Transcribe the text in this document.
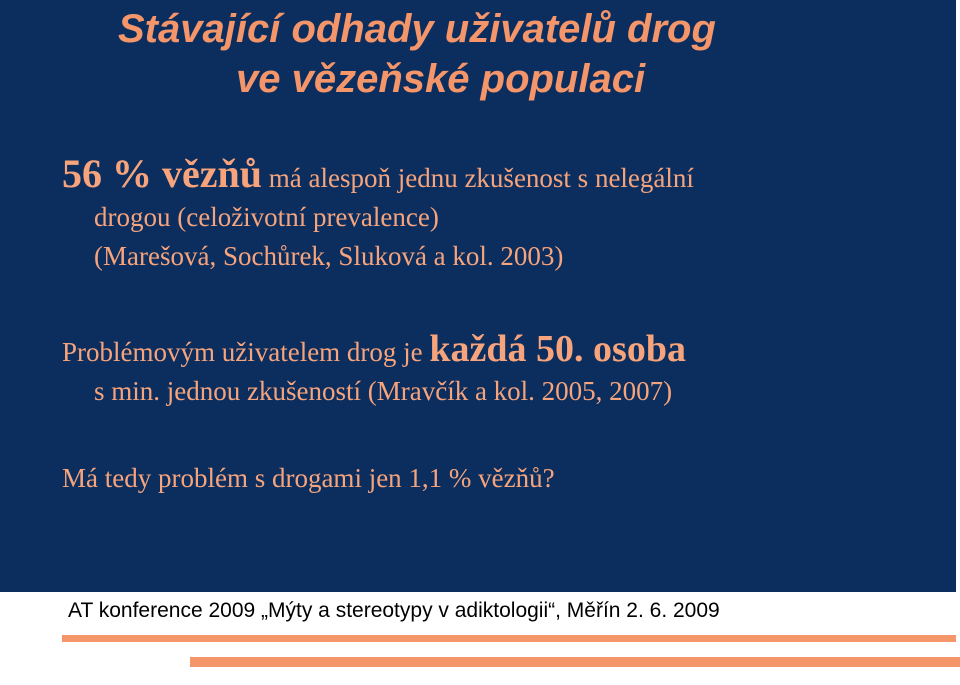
Stávající odhady uživatelů drog
ve vězeňské populaci
56 % vězňů má alespoň jednu zkušenost s nelegální
drogou (celoživotní prevalence)
(Marešová, Sochůrek, Sluková a kol. 2003)
Problémovým uživatelem drog je každá 50. osoba
s min. jednou zkušeností (Mravčík a kol. 2005, 2007)
Má tedy problém s drogami jen 1,1 % vězňů?
AT konference 2009 „Mýty a stereotypy v adiktologii“, Měřín 2. 6. 2009
